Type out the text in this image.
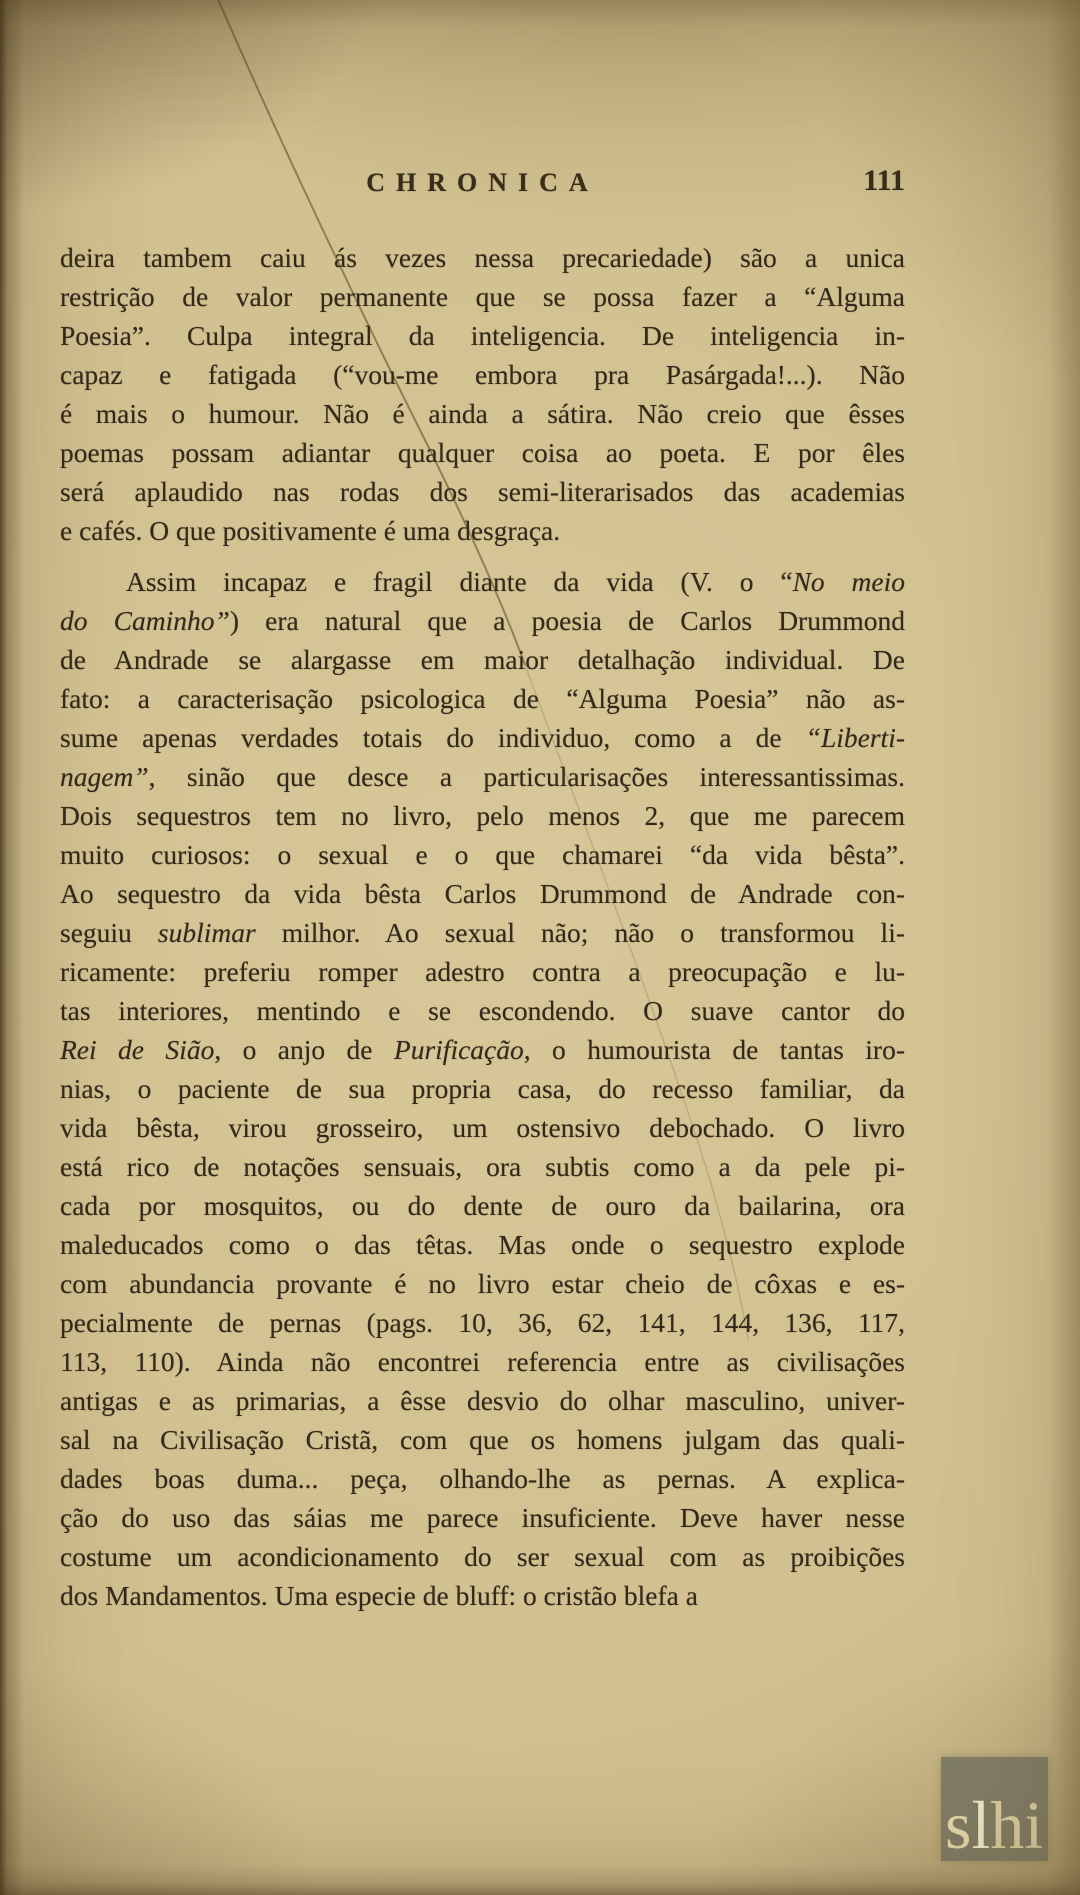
CHRONICA	111
deira tambem caiu ás vezes nessa precariedade) são a unica
restrição de valor permanente que se possa fazer a “Alguma
Poesia”. Culpa integral da inteligencia. De inteligencia in-
capaz e fatigada (“vou-me embora pra Pasárgada!...). Não
é mais o humour. Não é ainda a sátira. Não creio que êsses
poemas possam adiantar qualquer coisa ao poeta. E por êles
será aplaudido nas rodas dos semi-literarisados das academias
e cafés. O que positivamente é uma desgraça.
Assim incapaz e fragil diante da vida (V. o “No meio
do Caminho”) era natural que a poesia de Carlos Drummond
de Andrade se alargasse em maior detalhação individual. De
fato: a caracterisação psicologica de “Alguma Poesia” não as-
sume apenas verdades totais do individuo, como a de “Liberti-
nagem”, sinão que desce a particularisações interessantissimas.
Dois sequestros tem no livro, pelo menos 2, que me parecem
muito curiosos: o sexual e o que chamarei “da vida bêsta”.
Ao sequestro da vida bêsta Carlos Drummond de Andrade con-
seguiu sublimar milhor. Ao sexual não; não o transformou li-
ricamente: preferiu romper adestro contra a preocupação e lu-
tas interiores, mentindo e se escondendo. O suave cantor do
Rei de Sião, o anjo de Purificação, o humourista de tantas iro-
nias, o paciente de sua propria casa, do recesso familiar, da
vida bêsta, virou grosseiro, um ostensivo debochado. O livro
está rico de notações sensuais, ora subtis como a da pele pi-
cada por mosquitos, ou do dente de ouro da bailarina, ora
maleducados como o das têtas. Mas onde o sequestro explode
com abundancia provante é no livro estar cheio de côxas e es-
pecialmente de pernas (pags. 10, 36, 62, 141, 144, 136, 117,
113, 110). Ainda não encontrei referencia entre as civilisações
antigas e as primarias, a êsse desvio do olhar masculino, univer-
sal na Civilisação Cristã, com que os homens julgam das quali-
dades boas duma... peça, olhando-lhe as pernas. A explica-
ção do uso das sáias me parece insuficiente. Deve haver nesse
costume um acondicionamento do ser sexual com as proibições
dos Mandamentos. Uma especie de bluff: o cristão blefa a
slhi
